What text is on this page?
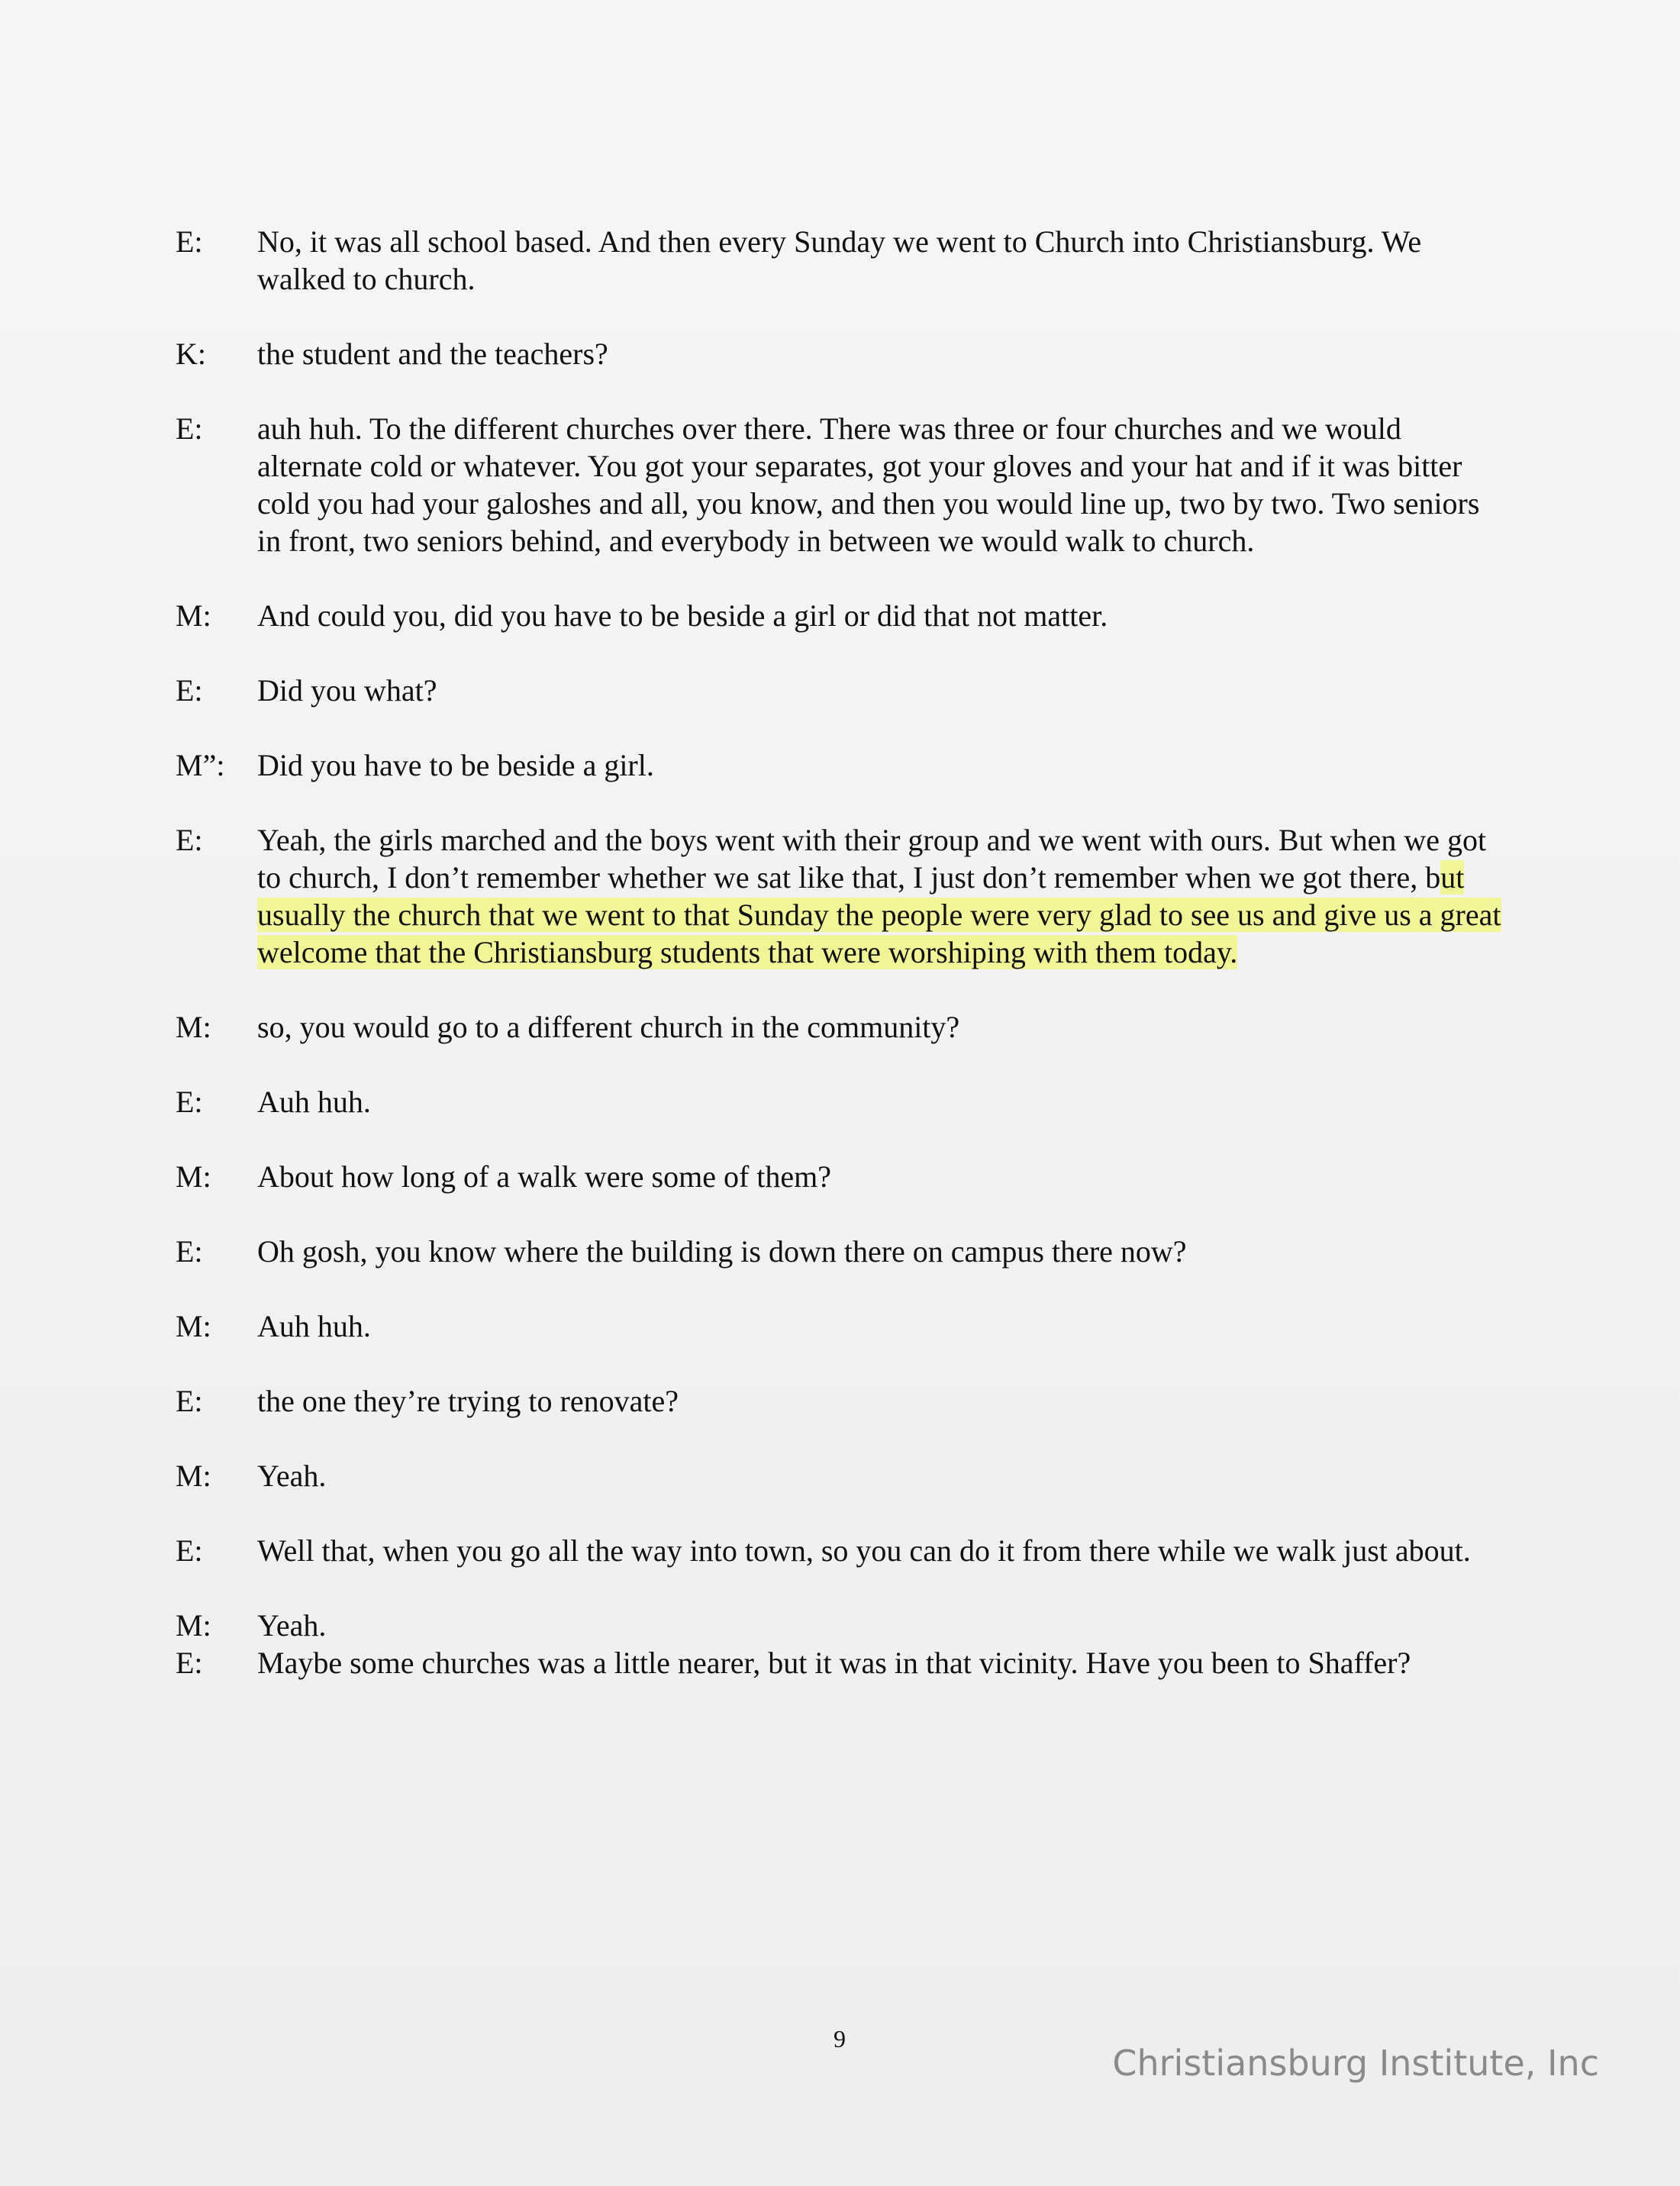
E:	No, it was all school based. And then every Sunday we went to Church into Christiansburg. We walked to church.
K:	the student and the teachers?
E:	auh huh. To the different churches over there. There was three or four churches and we would alternate cold or whatever. You got your separates, got your gloves and your hat and if it was bitter cold you had your galoshes and all, you know, and then you would line up, two by two. Two seniors in front, two seniors behind, and everybody in between we would walk to church.
M:	And could you, did you have to be beside a girl or did that not matter.
E:	Did you what?
M”:	Did you have to be beside a girl.
E:	Yeah, the girls marched and the boys went with their group and we went with ours. But when we got to church, I don’t remember whether we sat like that, I just don’t remember when we got there, but usually the church that we went to that Sunday the people were very glad to see us and give us a great welcome that the Christiansburg students that were worshiping with them today.
M:	so, you would go to a different church in the community?
E:	Auh huh.
M:	About how long of a walk were some of them?
E:	Oh gosh, you know where the building is down there on campus there now?
M:	Auh huh.
E:	the one they’re trying to renovate?
M:	Yeah.
E:	Well that, when you go all the way into town, so you can do it from there while we walk just about.
M:	Yeah.
E:	Maybe some churches was a little nearer, but it was in that vicinity. Have you been to Shaffer?
9
Christiansburg Institute, Inc
